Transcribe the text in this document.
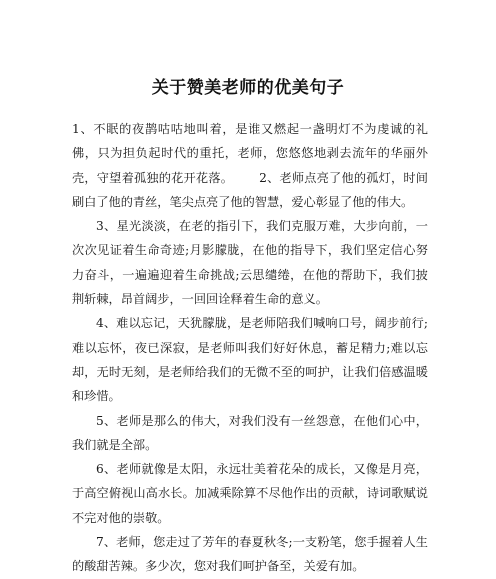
关于赞美老师的优美句子

1、不眠的夜鹊咕咕地叫着，是谁又燃起一盏明灯不为虔诚的礼佛，只为担负起时代的重托，老师，您悠悠地剥去流年的华丽外壳，守望着孤独的花开花落。 2、老师点亮了他的孤灯，时间刷白了他的青丝，笔尖点亮了他的智慧，爱心彰显了他的伟大。

3、星光淡淡，在老的指引下，我们克服万难，大步向前，一次次见证着生命奇迹;月影朦胧，在他的指导下，我们坚定信心努力奋斗，一遍遍迎着生命挑战;云思缱绻，在他的帮助下，我们披荆斩棘，昂首阔步，一回回诠释着生命的意义。

4、难以忘记，天犹朦胧，是老师陪我们喊响口号，阔步前行;难以忘怀，夜已深寂，是老师叫我们好好休息，蓄足精力;难以忘却，无时无刻，是老师给我们的无微不至的呵护，让我们倍感温暖和珍惜。

5、老师是那么的伟大，对我们没有一丝怨意，在他们心中，我们就是全部。

6、老师就像是太阳，永远壮美着花朵的成长，又像是月亮，于高空俯视山高水长。加减乘除算不尽他作出的贡献，诗词歌赋说不完对他的崇敬。

7、老师，您走过了芳年的春夏秋冬;一支粉笔，您手握着人生的酸甜苦辣。多少次，您对我们呵护备至，关爱有加。
